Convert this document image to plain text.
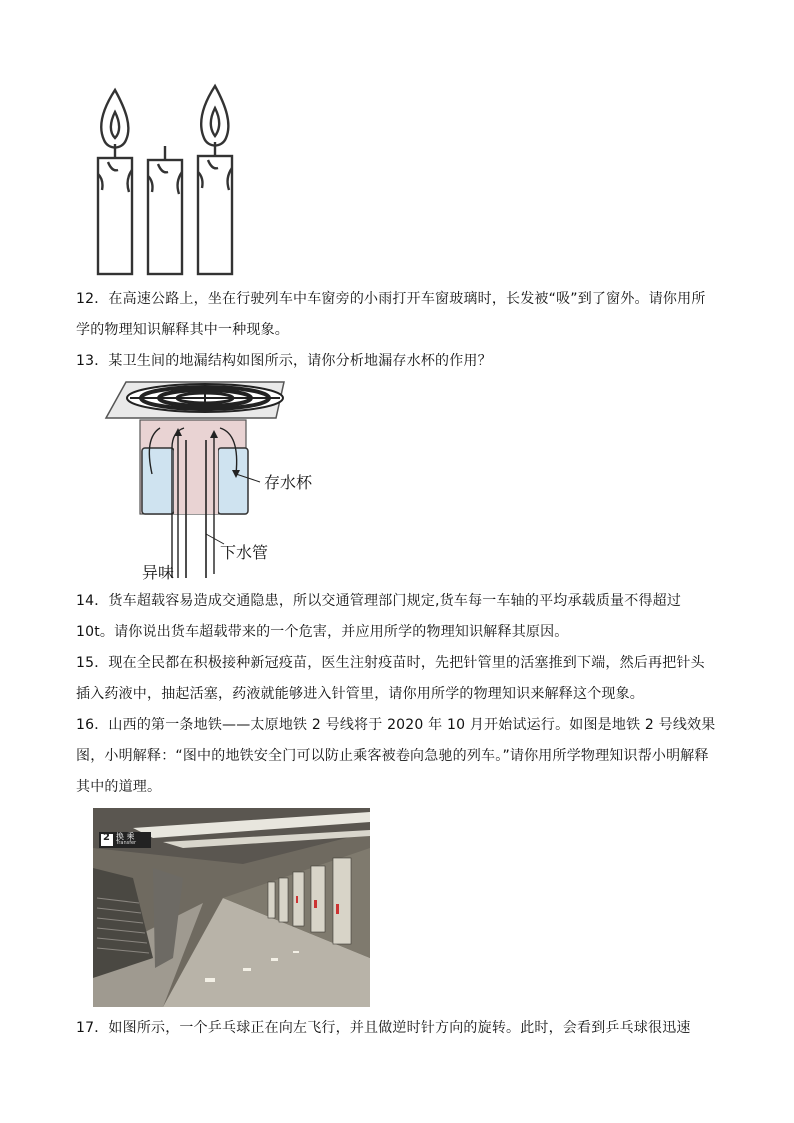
12．在高速公路上，坐在行驶列车中车窗旁的小雨打开车窗玻璃时，长发被“吸”到了窗外。请你用所学的物理知识解释其中一种现象。
13．某卫生间的地漏结构如图所示，请你分析地漏存水杯的作用？
存水杯
下水管
异味
14．货车超载容易造成交通隐患，所以交通管理部门规定,货车每一车轴的平均承载质量不得超过10t。请你说出货车超载带来的一个危害，并应用所学的物理知识解释其原因。
15．现在全民都在积极接种新冠疫苗，医生注射疫苗时，先把针管里的活塞推到下端，然后再把针头插入药液中，抽起活塞，药液就能够进入针管里，请你用所学的物理知识来解释这个现象。
16．山西的第一条地铁——太原地铁 2 号线将于 2020 年 10 月开始试运行。如图是地铁 2 号线效果图，小明解释：“图中的地铁安全门可以防止乘客被卷向急驰的列车。”请你用所学物理知识帮小明解释其中的道理。
2 换 乘
Transfer
17．如图所示，一个乒乓球正在向左飞行，并且做逆时针方向的旋转。此时，会看到乒乓球很迅速
